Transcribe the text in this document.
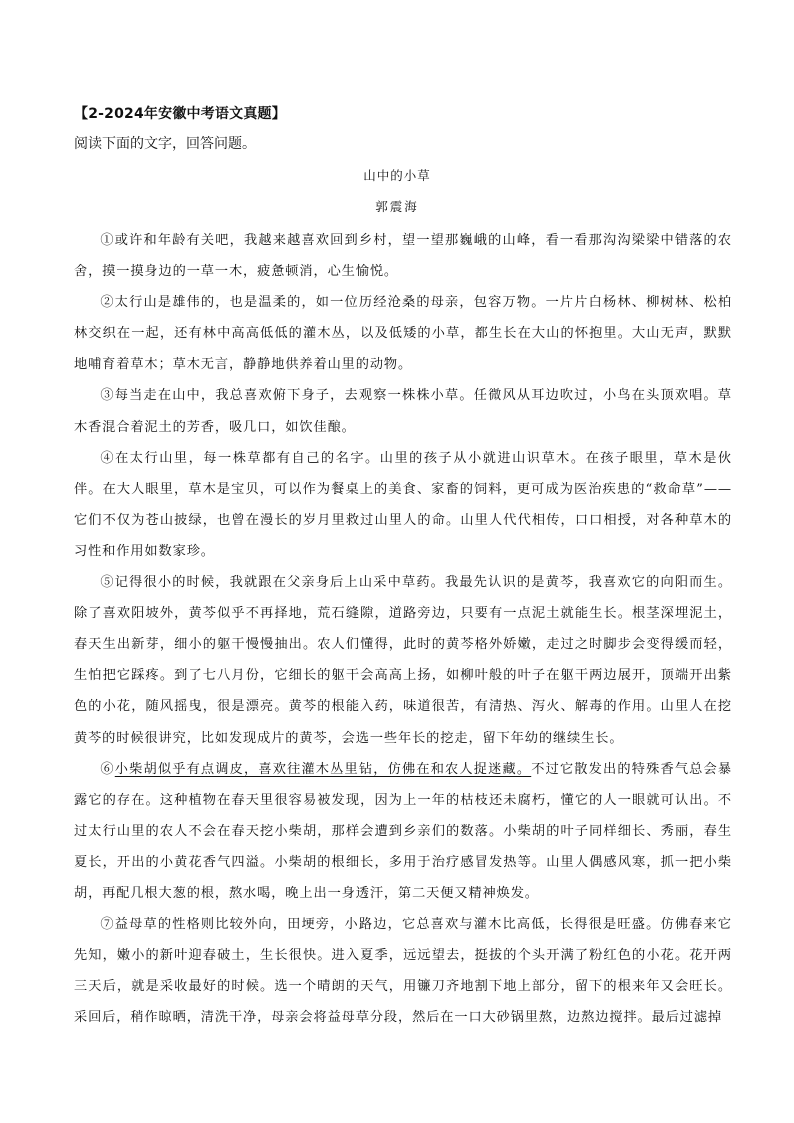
【2-2024年安徽中考语文真题】
阅读下面的文字，回答问题。
山中的小草
郭震海

①或许和年龄有关吧，我越来越喜欢回到乡村，望一望那巍峨的山峰，看一看那沟沟梁梁中错落的农舍，摸一摸身边的一草一木，疲惫顿消，心生愉悦。

②太行山是雄伟的，也是温柔的，如一位历经沧桑的母亲，包容万物。一片片白杨林、柳树林、松柏林交织在一起，还有林中高高低低的灌木丛，以及低矮的小草，都生长在大山的怀抱里。大山无声，默默地哺育着草木；草木无言，静静地供养着山里的动物。

③每当走在山中，我总喜欢俯下身子，去观察一株株小草。任微风从耳边吹过，小鸟在头顶欢唱。草木香混合着泥土的芳香，吸几口，如饮佳酿。

④在太行山里，每一株草都有自己的名字。山里的孩子从小就进山识草木。在孩子眼里，草木是伙伴。在大人眼里，草木是宝贝，可以作为餐桌上的美食、家畜的饲料，更可成为医治疾患的“救命草”——它们不仅为苍山披绿，也曾在漫长的岁月里救过山里人的命。山里人代代相传，口口相授，对各种草木的习性和作用如数家珍。

⑤记得很小的时候，我就跟在父亲身后上山采中草药。我最先认识的是黄芩，我喜欢它的向阳而生。除了喜欢阳坡外，黄芩似乎不再择地，荒石缝隙，道路旁边，只要有一点泥土就能生长。根茎深埋泥土，春天生出新芽，细小的躯干慢慢抽出。农人们懂得，此时的黄芩格外娇嫩，走过之时脚步会变得缓而轻，生怕把它踩疼。到了七八月份，它细长的躯干会高高上扬，如柳叶般的叶子在躯干两边展开，顶端开出紫色的小花，随风摇曳，很是漂亮。黄芩的根能入药，味道很苦，有清热、泻火、解毒的作用。山里人在挖黄芩的时候很讲究，比如发现成片的黄芩，会选一些年长的挖走，留下年幼的继续生长。

⑥小柴胡似乎有点调皮，喜欢往灌木丛里钻，仿佛在和农人捉迷藏。不过它散发出的特殊香气总会暴露它的存在。这种植物在春天里很容易被发现，因为上一年的枯枝还未腐朽，懂它的人一眼就可认出。不过太行山里的农人不会在春天挖小柴胡，那样会遭到乡亲们的数落。小柴胡的叶子同样细长、秀丽，春生夏长，开出的小黄花香气四溢。小柴胡的根细长，多用于治疗感冒发热等。山里人偶感风寒，抓一把小柴胡，再配几根大葱的根，熬水喝，晚上出一身透汗，第二天便又精神焕发。

⑦益母草的性格则比较外向，田埂旁，小路边，它总喜欢与灌木比高低，长得很是旺盛。仿佛春来它先知，嫩小的新叶迎春破土，生长很快。进入夏季，远远望去，挺拔的个头开满了粉红色的小花。花开两三天后，就是采收最好的时候。选一个晴朗的天气，用镰刀齐地割下地上部分，留下的根来年又会旺长。采回后，稍作晾晒，清洗干净，母亲会将益母草分段，然后在一口大砂锅里熬，边熬边搅拌。最后过滤掉
